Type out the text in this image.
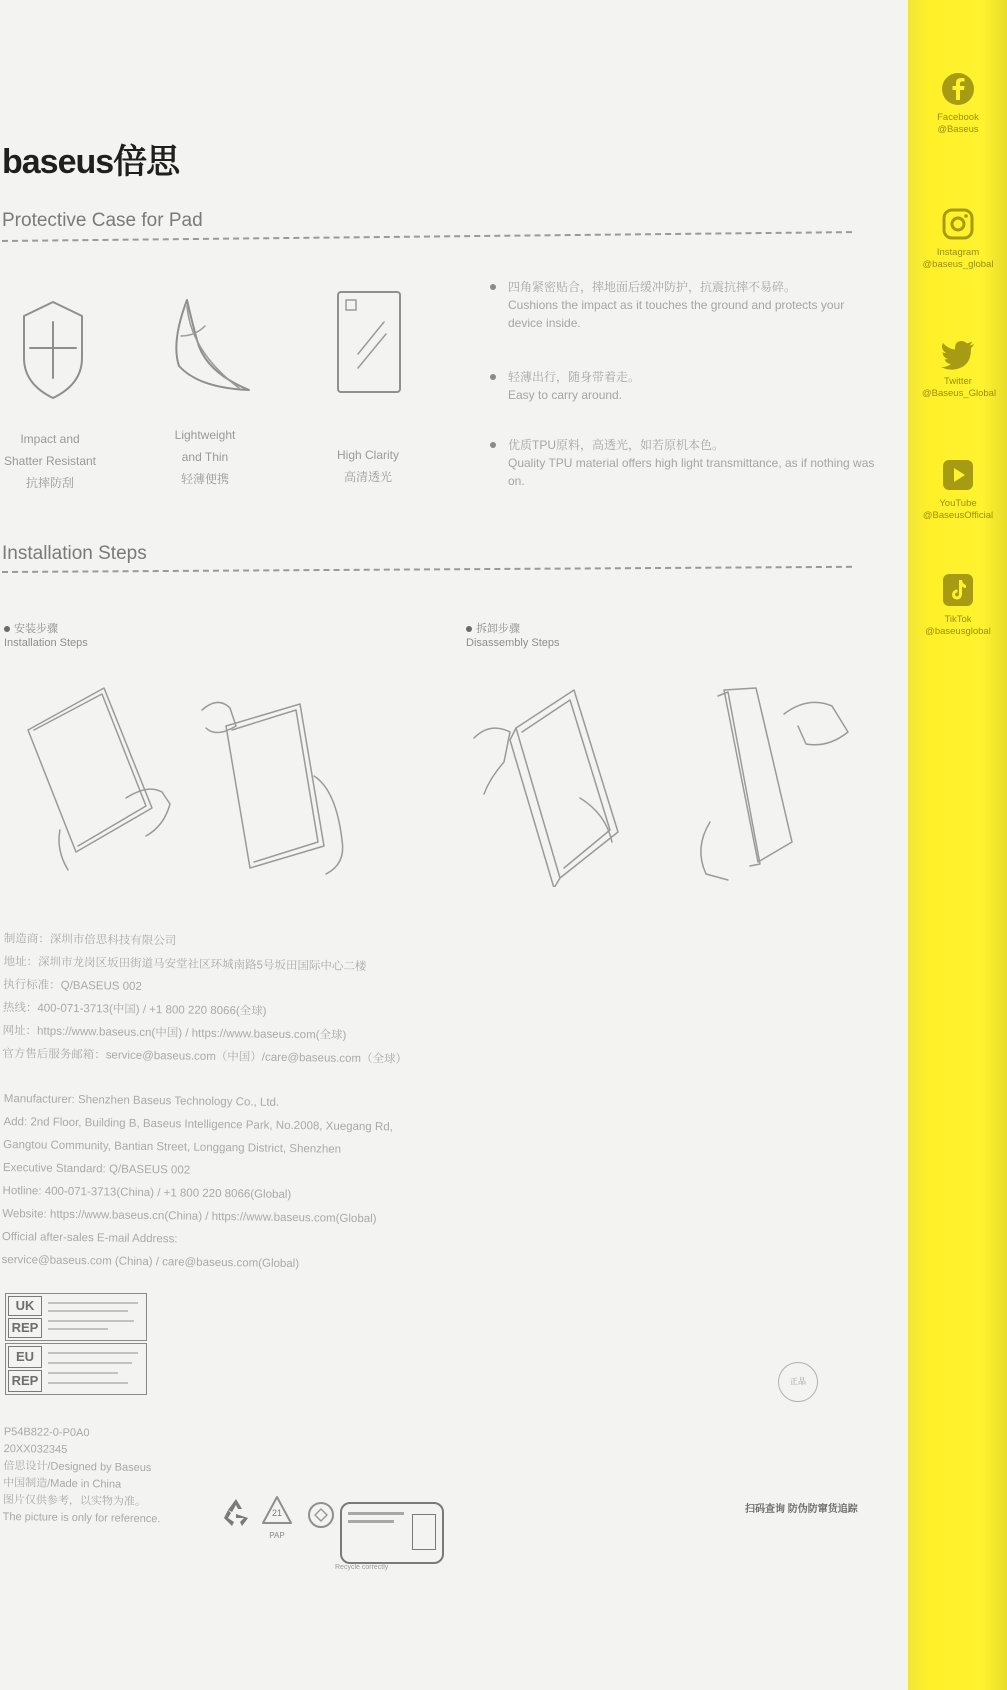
baseus倍思
Protective Case for Pad
Impact and
Shatter Resistant
抗摔防刮
Lightweight
and Thin
轻薄便携
High Clarity
高清透光
四角紧密贴合，摔地面后缓冲防护，抗震抗摔不易碎。
Cushions the impact as it touches the ground and protects your device inside.
轻薄出行，随身带着走。
Easy to carry around.
优质TPU原料，高透光，如若原机本色。
Quality TPU material offers high light transmittance, as if nothing was on.
Installation Steps
安装步骤
Installation Steps
拆卸步骤
Disassembly Steps
制造商：深圳市倍思科技有限公司
地址：深圳市龙岗区坂田街道马安堂社区环城南路5号坂田国际中心二楼
执行标准：Q/BASEUS 002
热线：400-071-3713(中国) / +1 800 220 8066(全球)
网址：https://www.baseus.cn(中国) / https://www.baseus.com(全球)
官方售后服务邮箱：service@baseus.com（中国）/care@baseus.com（全球）
Manufacturer: Shenzhen Baseus Technology Co., Ltd.
Add: 2nd Floor, Building B, Baseus Intelligence Park, No.2008, Xuegang Rd,
Gangtou Community, Bantian Street, Longgang District, Shenzhen
Executive Standard: Q/BASEUS 002
Hotline: 400-071-3713(China) / +1 800 220 8066(Global)
Website: https://www.baseus.cn(China) / https://www.baseus.com(Global)
Official after-sales E-mail Address:
service@baseus.com (China) / care@baseus.com(Global)
UK
REP
EU
REP
P54B822-0-P0A0
20XX032345
倍思设计/Designed by Baseus
中国制造/Made in China
图片仅供参考，以实物为准。
The picture is only for reference.	21
PAP
Recycle correctly
正品
扫码查询 防伪防窜货追踪
Facebook
@Baseus
Instagram
@baseus_global
Twitter
@Baseus_Global
YouTube
@BaseusOfficial
TikTok
@baseusglobal
